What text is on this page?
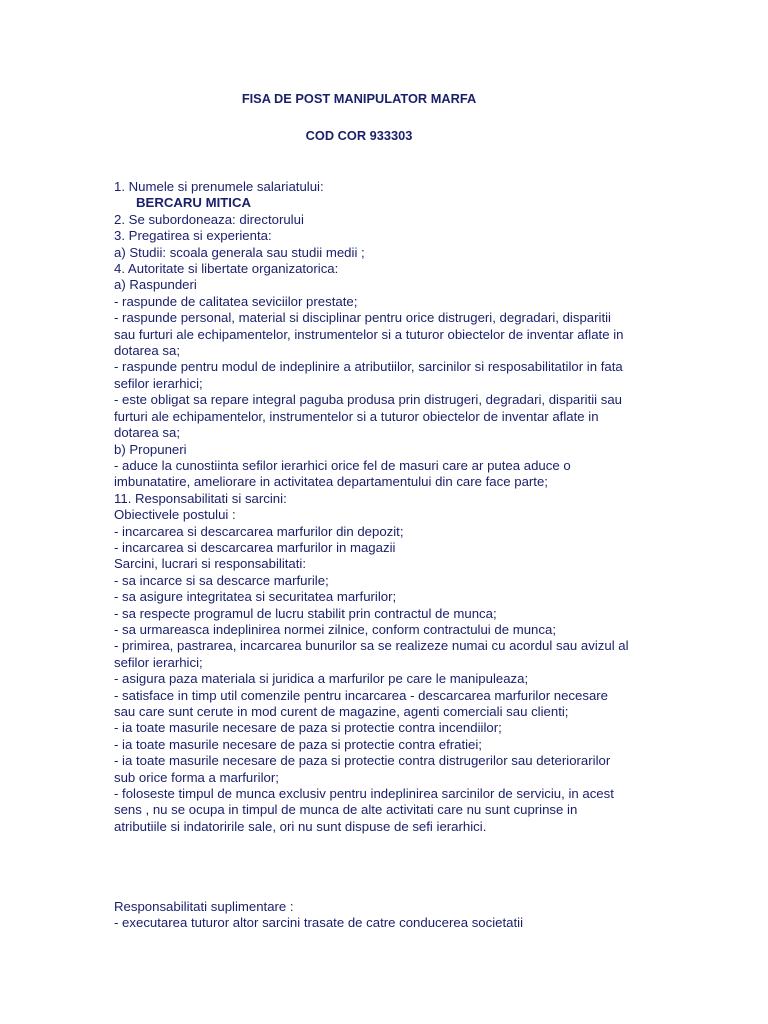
FISA DE POST MANIPULATOR MARFA
COD COR 933303
1. Numele si prenumele salariatului:
BERCARU MITICA
2. Se subordoneaza: directorului
3. Pregatirea si experienta:
a) Studii: scoala generala sau studii medii ;
4. Autoritate si libertate organizatorica:
a) Raspunderi
- raspunde de calitatea seviciilor prestate;
- raspunde personal, material si disciplinar pentru orice distrugeri, degradari, disparitii
sau furturi ale echipamentelor, instrumentelor si a tuturor obiectelor de inventar aflate in
dotarea sa;
- raspunde pentru modul de indeplinire a atributiilor, sarcinilor si resposabilitatilor in fata
sefilor ierarhici;
- este obligat sa repare integral paguba produsa prin distrugeri, degradari, disparitii sau
furturi ale echipamentelor, instrumentelor si a tuturor obiectelor de inventar aflate in
dotarea sa;
b) Propuneri
- aduce la cunostiinta sefilor ierarhici orice fel de masuri care ar putea aduce o
imbunatatire, ameliorare in activitatea departamentului din care face parte;
11. Responsabilitati si sarcini:
Obiectivele postului :
- incarcarea si descarcarea marfurilor din depozit;
- incarcarea si descarcarea marfurilor in magazii
Sarcini, lucrari si responsabilitati:
- sa incarce si sa descarce marfurile;
- sa asigure integritatea si securitatea marfurilor;
- sa respecte programul de lucru stabilit prin contractul de munca;
- sa urmareasca indeplinirea normei zilnice, conform contractului de munca;
- primirea, pastrarea, incarcarea bunurilor sa se realizeze numai cu acordul sau avizul al
sefilor ierarhici;
- asigura paza materiala si juridica a marfurilor pe care le manipuleaza;
- satisface in timp util comenzile pentru incarcarea - descarcarea marfurilor necesare
sau care sunt cerute in mod curent de magazine, agenti comerciali sau clienti;
- ia toate masurile necesare de paza si protectie contra incendiilor;
- ia toate masurile necesare de paza si protectie contra efratiei;
- ia toate masurile necesare de paza si protectie contra distrugerilor sau deteriorarilor
sub orice forma a marfurilor;
- foloseste timpul de munca exclusiv pentru indeplinirea sarcinilor de serviciu, in acest
sens , nu se ocupa in timpul de munca de alte activitati care nu sunt cuprinse in
atributiile si indatoririle sale, ori nu sunt dispuse de sefi ierarhici.
Responsabilitati suplimentare :
- executarea tuturor altor sarcini trasate de catre conducerea societatii
